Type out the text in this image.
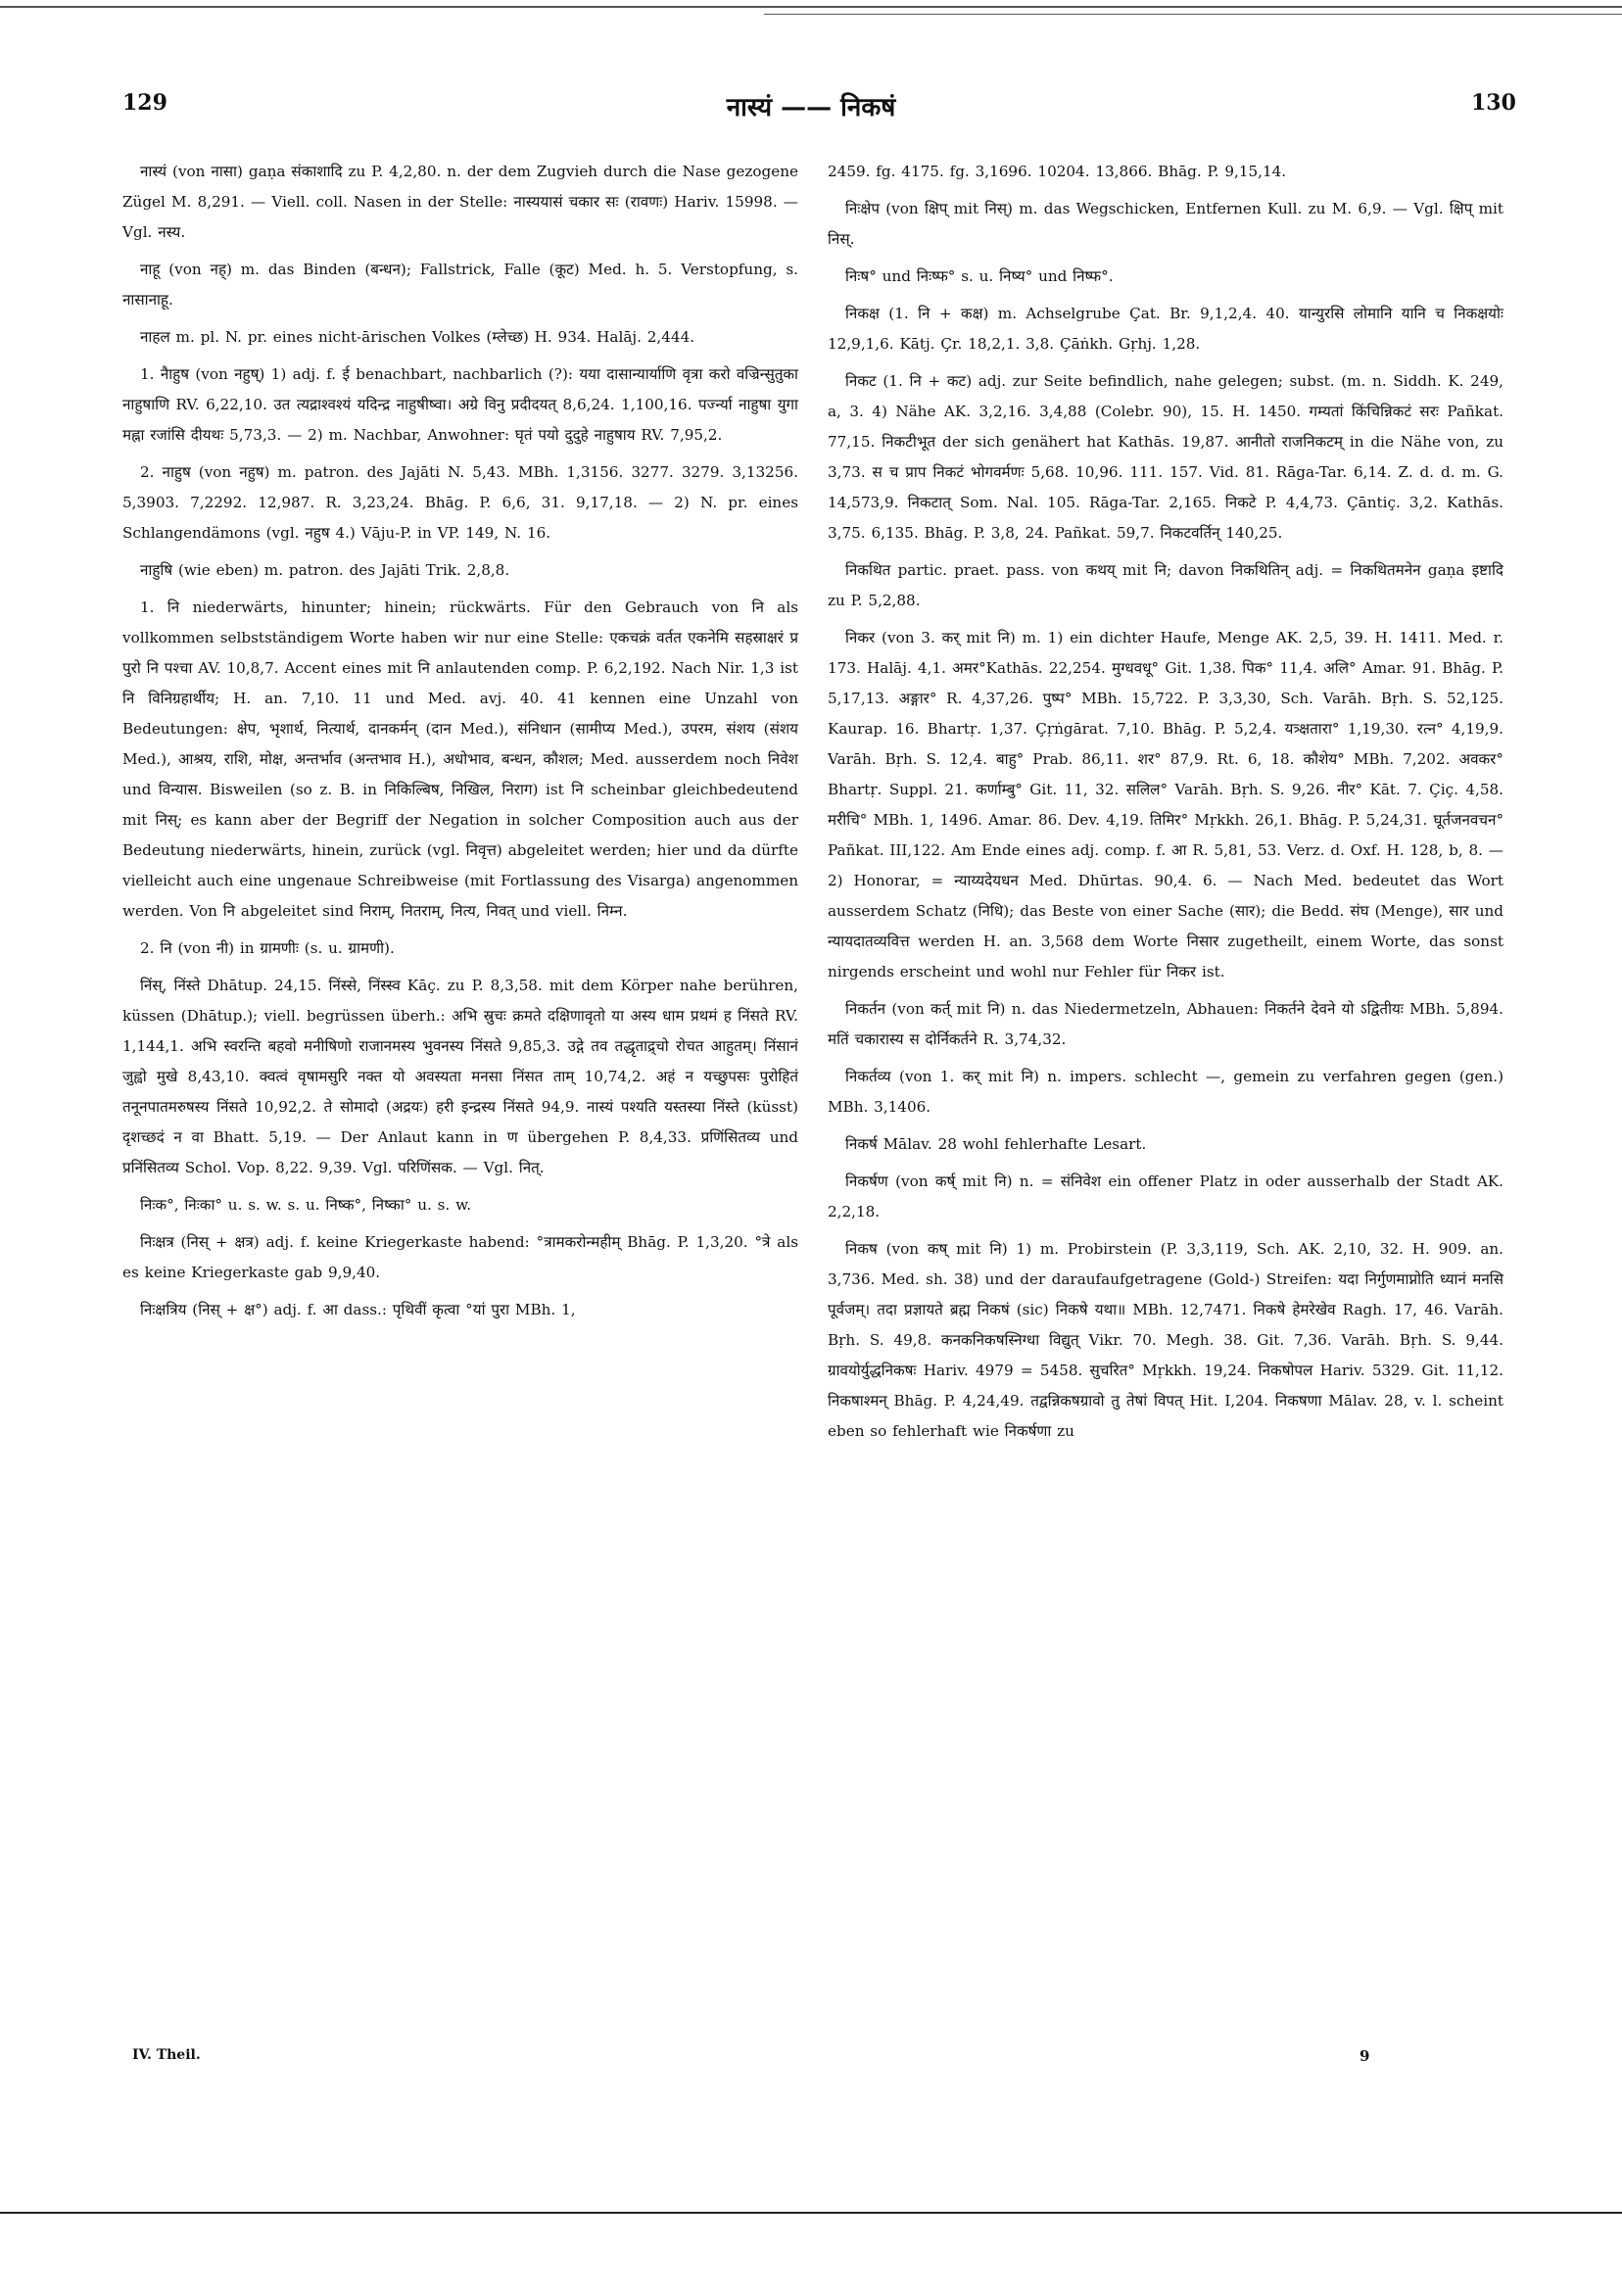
129	नास्यं —— निकषं	130

नास्यं (von नासा) gaṇa संकाशादि zu P. 4,2,80. n. der dem Zugvieh durch die Nase gezogene Zügel M. 8,291. — Viell. coll. Nasen in der Stelle: नास्ययासं चकार सः (रावणः) Hariv. 15998. — Vgl. नस्य.

नाहू (von नह्) m. das Binden (बन्धन); Fallstrick, Falle (कूट) Med. h. 5. Verstopfung, s. नासानाहू.

नाहल m. pl. N. pr. eines nicht-ārischen Volkes (म्लेच्छ) H. 934. Halāj. 2,444.

1. नैाहुष (von नहुष्) 1) adj. f. ई benachbart, nachbarlich (?): यया दासान्यार्याणि वृत्रा करो वज्रिन्सुतुका नाहुषाणि RV. 6,22,10. उत त्यद्राश्वश्यं यदिन्द्र नाहुषीष्वा। अग्रे विनु प्रदीदयत् 8,6,24. 1,100,16. पर्ज्न्या नाहुषा युगा मह्ना रजांसि दीयथः 5,73,3. — 2) m. Nachbar, Anwohner: घृतं पयो दुदुहे नाहुषाय RV. 7,95,2.

2. नाहुष (von नहुष) m. patron. des Jajāti N. 5,43. MBh. 1,3156. 3277. 3279. 3,13256. 5,3903. 7,2292. 12,987. R. 3,23,24. Bhāg. P. 6,6, 31. 9,17,18. — 2) N. pr. eines Schlangendämons (vgl. नहुष 4.) Vāju-P. in VP. 149, N. 16.

नाहुषि (wie eben) m. patron. des Jajāti Trik. 2,8,8.

1. नि niederwärts, hinunter; hinein; rückwärts. Für den Gebrauch von नि als vollkommen selbstständigem Worte haben wir nur eine Stelle: एकचक्रं वर्तत एकनेमि सहस्राक्षरं प्र पुरो नि पश्चा AV. 10,8,7. Accent eines mit नि anlautenden comp. P. 6,2,192. Nach Nir. 1,3 ist नि विनिग्रहार्थीय; H. an. 7,10. 11 und Med. avj. 40. 41 kennen eine Unzahl von Bedeutungen: क्षेप, भृशार्थ, नित्यार्थ, दानकर्मन् (दान Med.), संनिधान (सामीप्य Med.), उपरम, संशय (संशय Med.), आश्रय, राशि, मोक्ष, अन्तर्भाव (अन्तभाव H.), अधोभाव, बन्धन, कौशल; Med. ausserdem noch निवेश und विन्यास. Bisweilen (so z. B. in निकिल्बिष, निखिल, निराग) ist नि scheinbar gleichbedeutend mit निस्; es kann aber der Begriff der Negation in solcher Composition auch aus der Bedeutung niederwärts, hinein, zurück (vgl. निवृत्त) abgeleitet werden; hier und da dürfte vielleicht auch eine ungenaue Schreibweise (mit Fortlassung des Visarga) angenommen werden. Von नि abgeleitet sind निराम्, नितराम्, नित्य, निवत् und viell. निम्न.

2. नि (von नी) in ग्रामणीः (s. u. ग्रामणी).

निंस्, निंस्ते Dhātup. 24,15. निंस्से, निंस्स्व Kāç. zu P. 8,3,58. mit dem Körper nahe berühren, küssen (Dhātup.); viell. begrüssen überh.: अभि स्रुचः क्रमते दक्षिणावृतो या अस्य धाम प्रथमं ह निंसते RV. 1,144,1. अभि स्वरन्ति बहवो मनीषिणो राजानमस्य भुवनस्य निंसते 9,85,3. उद्गे तव तद्धृताद्र्चो रोचत आहुतम्। निंसानं जुह्वो मुखे 8,43,10. क्वत्वं वृषामसुरि नक्त यो अवस्यता मनसा निंसत ताम् 10,74,2. अहं न यच्छुपसः पुरोहितं तनूनपातमरुषस्य निंसते 10,92,2. ते सोमादो (अद्रयः) हरी इन्द्रस्य निंसते 94,9. नास्यं पश्यति यस्तस्या निंस्ते (küsst) दृशच्छदं न वा Bhatt. 5,19. — Der Anlaut kann in ण übergehen P. 8,4,33. प्रणिंसितव्य und प्रनिंसितव्य Schol. Vop. 8,22. 9,39. Vgl. परिणिंसक. — Vgl. नित्.

निःक°, निःका° u. s. w. s. u. निष्क°, निष्का° u. s. w.

निःक्षत्र (निस् + क्षत्र) adj. f. keine Kriegerkaste habend: °त्रामकरोन्महीम् Bhāg. P. 1,3,20. °त्रे als es keine Kriegerkaste gab 9,9,40.

निःक्षत्रिय (निस् + क्ष°) adj. f. आ dass.: पृथिवीं कृत्वा °यां पुरा MBh. 1,

2459. fg. 4175. fg. 3,1696. 10204. 13,866. Bhāg. P. 9,15,14.

निःक्षेप (von क्षिप् mit निस्) m. das Wegschicken, Entfernen Kull. zu M. 6,9. — Vgl. क्षिप् mit निस्.

निःष° und निःष्फ° s. u. निष्य° und निष्फ°.

निकक्ष (1. नि + कक्ष) m. Achselgrube Çat. Br. 9,1,2,4. 40. यान्युरसि लोमानि यानि च निकक्षयोः 12,9,1,6. Kātj. Çr. 18,2,1. 3,8. Çāṅkh. Gṛhj. 1,28.

निकट (1. नि + कट) adj. zur Seite befindlich, nahe gelegen; subst. (m. n. Siddh. K. 249, a, 3. 4) Nähe AK. 3,2,16. 3,4,88 (Colebr. 90), 15. H. 1450. गम्यतां किंचिन्निकटं सरः Pañkat. 77,15. निकटीभूत der sich genähert hat Kathās. 19,87. आनीतो राजनिकटम् in die Nähe von, zu 3,73. स च प्राप निकटं भोगवर्मणः 5,68. 10,96. 111. 157. Vid. 81. Rāga-Tar. 6,14. Z. d. d. m. G. 14,573,9. निकटात् Som. Nal. 105. Rāga-Tar. 2,165. निकटे P. 4,4,73. Çāntiç. 3,2. Kathās. 3,75. 6,135. Bhāg. P. 3,8, 24. Pañkat. 59,7. निकटवर्तिन् 140,25.

निकथित partic. praet. pass. von कथय् mit नि; davon निकथितिन् adj. = निकथितमनेन gaṇa इष्टादि zu P. 5,2,88.

निकर (von 3. कर् mit नि) m. 1) ein dichter Haufe, Menge AK. 2,5, 39. H. 1411. Med. r. 173. Halāj. 4,1. अमर°Kathās. 22,254. मुग्धवधू° Git. 1,38. पिक° 11,4. अलि° Amar. 91. Bhāg. P. 5,17,13. अङ्गार° R. 4,37,26. पुष्प° MBh. 15,722. P. 3,3,30, Sch. Varāh. Bṛh. S. 52,125. Kaurap. 16. Bhartṛ. 1,37. Çṛṅgārat. 7,10. Bhāg. P. 5,2,4. यत्र्क्षतारा° 1,19,30. रत्न° 4,19,9. Varāh. Bṛh. S. 12,4. बाहु° Prab. 86,11. शर° 87,9. Rt. 6, 18. कौशेय° MBh. 7,202. अवकर° Bhartṛ. Suppl. 21. कर्णाम्बु° Git. 11, 32. सलिल° Varāh. Bṛh. S. 9,26. नीर° Kāt. 7. Çiç. 4,58. मरीचि° MBh. 1, 1496. Amar. 86. Dev. 4,19. तिमिर° Mṛkkh. 26,1. Bhāg. P. 5,24,31. घूर्तजनवचन° Pañkat. III,122. Am Ende eines adj. comp. f. आ R. 5,81, 53. Verz. d. Oxf. H. 128, b, 8. — 2) Honorar, = न्याय्यदेयधन Med. Dhūrtas. 90,4. 6. — Nach Med. bedeutet das Wort ausserdem Schatz (निधि); das Beste von einer Sache (सार); die Bedd. संघ (Menge), सार und न्यायदातव्यवित्त werden H. an. 3,568 dem Worte निसार zugetheilt, einem Worte, das sonst nirgends erscheint und wohl nur Fehler für निकर ist.

निकर्तन (von कर्त् mit नि) n. das Niedermetzeln, Abhauen: निकर्तने देवने यो ऽद्वितीयः MBh. 5,894. मतिं चकारास्य स दोर्निकर्तने R. 3,74,32.

निकर्तव्य (von 1. कर् mit नि) n. impers. schlecht —, gemein zu verfahren gegen (gen.) MBh. 3,1406.

निकर्ष Mālav. 28 wohl fehlerhafte Lesart.

निकर्षण (von कर्ष् mit नि) n. = संनिवेश ein offener Platz in oder ausserhalb der Stadt AK. 2,2,18.

निकष (von कष् mit नि) 1) m. Probirstein (P. 3,3,119, Sch. AK. 2,10, 32. H. 909. an. 3,736. Med. sh. 38) und der daraufaufgetragene (Gold-) Streifen: यदा निर्गुणमाप्नोति ध्यानं मनसि पूर्वजम्। तदा प्रज्ञायते ब्रह्म निकषं (sic) निकषे यथा॥ MBh. 12,7471. निकषे हेमरेखेव Ragh. 17, 46. Varāh. Bṛh. S. 49,8. कनकनिकषस्निग्धा विद्युत् Vikr. 70. Megh. 38. Git. 7,36. Varāh. Bṛh. S. 9,44. ग्रावयोर्युद्धनिकषः Hariv. 4979 = 5458. सुचरित° Mṛkkh. 19,24. निकषोपल Hariv. 5329. Git. 11,12. निकषाश्मन् Bhāg. P. 4,24,49. तद्वन्निकषग्रावो तु तेषां विपत् Hit. I,204. निकषणा Mālav. 28, v. l. scheint eben so fehlerhaft wie निकर्षणा zu

IV. Theil.	9
